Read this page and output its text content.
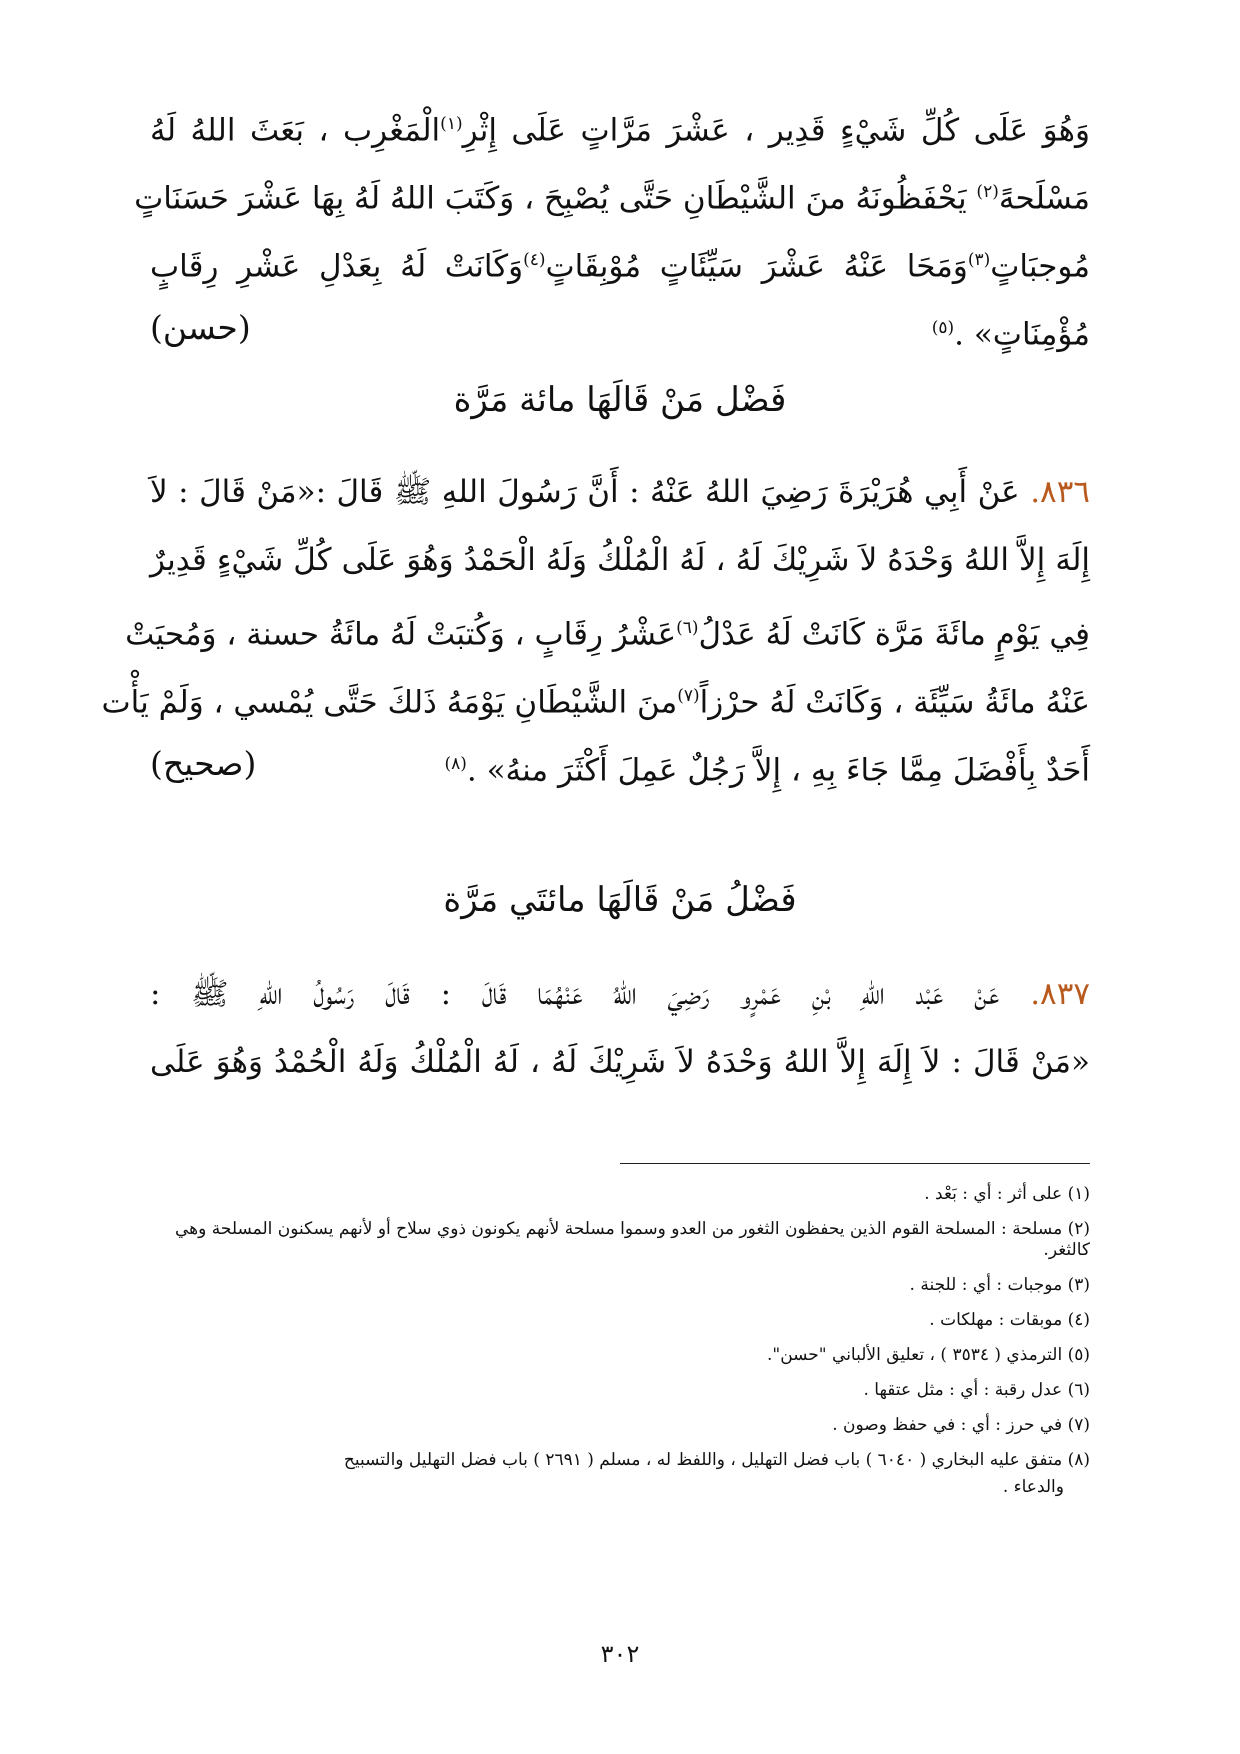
وَهُوَ عَلَى كُلِّ شَيْءٍ قَدِير ، عَشْرَ مَرَّاتٍ عَلَى إِثْرِ$^{(١)}$الْمَغْرِب ، بَعَثَ اللهُ لَهُ
مَسْلَحهً$^{(٢)}$ يَحْفَظُونَهُ منَ الشَّيْطَانِ حَتَّى يُصْبِحَ ، وَكَتَبَ اللهُ لَهُ بِهَا عَشْرَ حَسَنَاتٍ
مُوجبَاتٍ$^{(٣)}$وَمَحَا عَنْهُ عَشْرَ سَيِّئَاتٍ مُوْبِقَاتٍ$^{(٤)}$وَكَانَتْ لَهُ بِعَدْلِ عَشْرِ رِقَابٍ
(حسن)	مُؤْمِنَاتٍ» .$^{(٥)}$
فَضْل مَنْ قَالَهَا مائة مَرَّة
٨٣٦. عَنْ أَبِي هُرَيْرَةَ رَضِيَ اللهُ عَنْهُ : أَنَّ رَسُولَ اللهِ ﷺ قَالَ :«مَنْ قَالَ : لاَ
إِلَهَ إِلاَّ اللهُ وَحْدَهُ لاَ شَرِيْكَ لَهُ ، لَهُ الْمُلْكُ وَلَهُ الْحَمْدُ وَهُوَ عَلَى كُلِّ شَيْءٍ قَدِيرٌ
فِي يَوْمٍ مائَةَ مَرَّة كَانَتْ لَهُ عَدْلُ$^{(٦)}$عَشْرُ رِقَابٍ ، وَكُتبَتْ لَهُ مائَةُ حسنة ، وَمُحيَتْ
عَنْهُ مائَةُ سَيِّئَة ، وَكَانَتْ لَهُ حرْزاً$^{(٧)}$منَ الشَّيْطَانِ يَوْمَهُ ذَلكَ حَتَّى يُمْسي ، وَلَمْ يَأْت
(صحيح)	أَحَدٌ بِأَفْضَلَ مِمَّا جَاءَ بِهِ ، إِلاَّ رَجُلٌ عَمِلَ أَكْثَرَ منهُ» .$^{(٨)}$
فَضْلُ مَنْ قَالَهَا مائتَي مَرَّة
٨٣٧. عَنْ عَبْد اللهِ بْنِ عَمْرٍو رَضِيَ اللهُ عَنْهُمَا قَالَ : قَالَ رَسُولُ اللهِ ﷺ :
«مَنْ قَالَ : لاَ إِلَهَ إِلاَّ اللهُ وَحْدَهُ لاَ شَرِيْكَ لَهُ ، لَهُ الْمُلْكُ وَلَهُ الْحُمْدُ وَهُوَ عَلَى
(١) على أثر : أي : بَعْد .
(٢) مسلحة : المسلحة القوم الذين يحفظون الثغور من العدو وسموا مسلحة لأنهم يكونون ذوي سلاح أو لأنهم يسكنون المسلحة وهي كالثغر.
(٣) موجبات : أي : للجنة .
(٤) موبقات : مهلكات .
(٥) الترمذي ( ٣٥٣٤ ) ، تعليق الألباني "حسن".
(٦) عدل رقبة : أي : مثل عتقها .
(٧) في حرز : أي : في حفظ وصون .
(٨) متفق عليه البخاري ( ٦٠٤٠ ) باب فضل التهليل ، واللفظ له ، مسلم ( ٢٦٩١ ) باب فضل التهليل والتسبيح
والدعاء .
٣٠٢
